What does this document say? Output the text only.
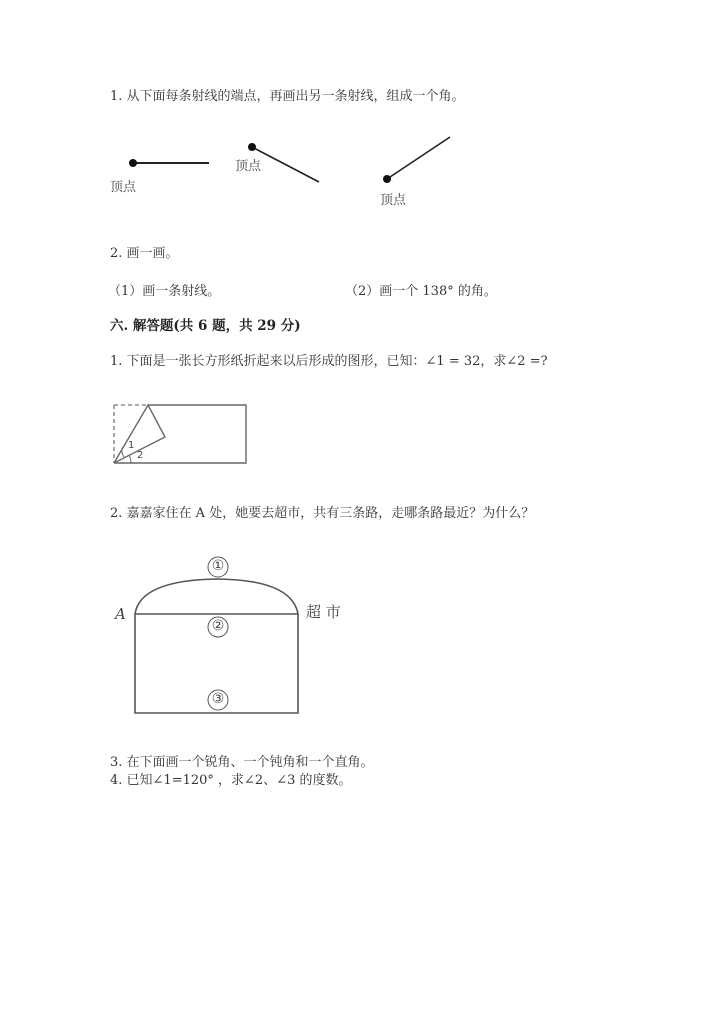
1. 从下面每条射线的端点，再画出另一条射线，组成一个角。
顶点
顶点
顶点
2. 画一画。
（1）画一条射线。	（2）画一个 138° 的角。
六. 解答题(共 6 题，共 29 分)
1. 下面是一张长方形纸折起来以后形成的图形，已知：∠1 = 32，求∠2 =?
1
2
2. 嘉嘉家住在 A 处，她要去超市，共有三条路，走哪条路最近？为什么？
A	超 市
①
②
③
3. 在下面画一个锐角、一个钝角和一个直角。
4. 已知∠1=120° ，求∠2、∠3 的度数。
